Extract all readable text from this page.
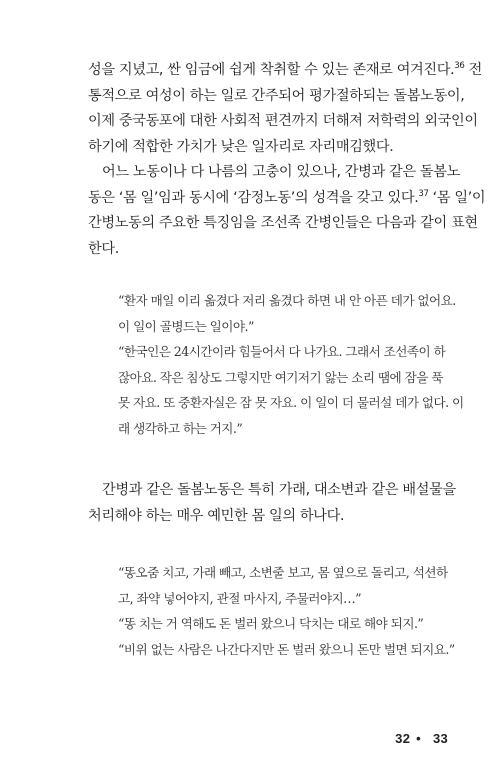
성을 지녔고, 싼 임금에 쉽게 착취할 수 있는 존재로 여겨진다.$^{36}$ 전
통적으로 여성이 하는 일로 간주되어 평가절하되는 돌봄노동이,
이제 중국동포에 대한 사회적 편견까지 더해져 저학력의 외국인이
하기에 적합한 가치가 낮은 일자리로 자리매김했다.

어느 노동이나 다 나름의 고충이 있으나, 간병과 같은 돌봄노
동은 ‘몸 일’임과 동시에 ‘감정노동’의 성격을 갖고 있다.$^{37}$ ‘몸 일’이
간병노동의 주요한 특징임을 조선족 간병인들은 다음과 같이 표현
한다.

“환자 매일 이리 옮겼다 저리 옮겼다 하면 내 안 아픈 데가 없어요.
이 일이 골병드는 일이야.”
“한국인은 24시간이라 힘들어서 다 나가요. 그래서 조선족이 하
잖아요. 작은 침상도 그렇지만 여기저기 앓는 소리 땜에 잠을 푹
못 자요. 또 중환자실은 잠 못 자요. 이 일이 더 물러설 데가 없다. 이
래 생각하고 하는 거지.”

간병과 같은 돌봄노동은 특히 가래, 대소변과 같은 배설물을
처리해야 하는 매우 예민한 몸 일의 하나다.

“똥오줌 치고, 가래 빼고, 소변줄 보고, 몸 옆으로 돌리고, 석션하
고, 좌약 넣어야지, 관절 마사지, 주물러야지…”
“똥 치는 거 역해도 돈 벌러 왔으니 닥치는 대로 해야 되지.”
“비위 없는 사람은 나간다지만 돈 벌러 왔으니 돈만 벌면 되지요.”
32 • 33
